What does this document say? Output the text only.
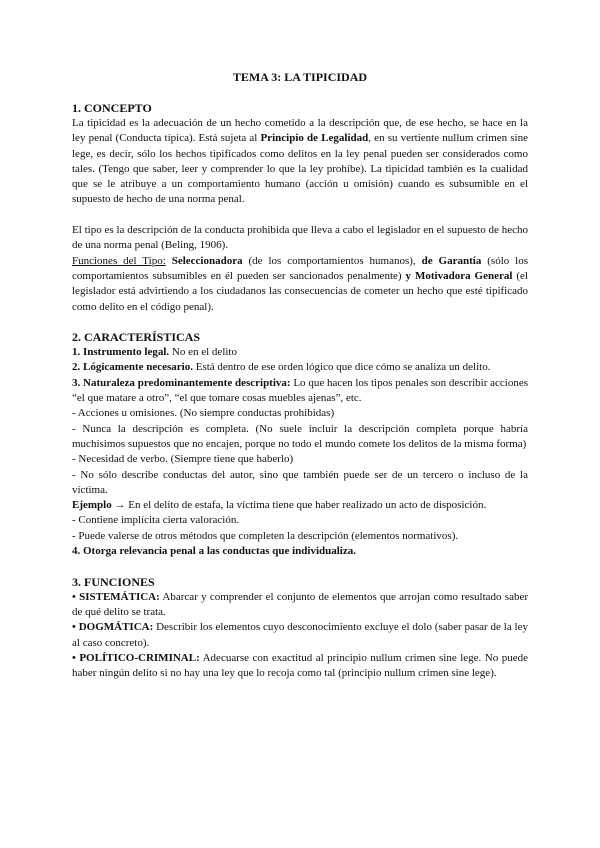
TEMA 3: LA TIPICIDAD
1. CONCEPTO

La tipicidad es la adecuación de un hecho cometido a la descripción que, de ese hecho, se hace en la ley penal (Conducta típica). Está sujeta al Principio de Legalidad, en su vertiente nullum crimen sine lege, es decir, sólo los hechos tipificados como delitos en la ley penal pueden ser considerados como tales. (Tengo que saber, leer y comprender lo que la ley prohíbe). La tipicidad también es la cualidad que se le atribuye a un comportamiento humano (acción u omisión) cuando es subsumible en el supuesto de hecho de una norma penal.

El tipo es la descripción de la conducta prohibida que lleva a cabo el legislador en el supuesto de hecho de una norma penal (Beling, 1906).

Funciones del Tipo: Seleccionadora (de los comportamientos humanos), de Garantía (sólo los comportamientos subsumibles en él pueden ser sancionados penalmente) y Motivadora General (el legislador está advirtiendo a los ciudadanos las consecuencias de cometer un hecho que esté tipificado como delito en el código penal).

2. CARACTERÍSTICAS

1. Instrumento legal. No en el delito

2. Lógicamente necesario. Está dentro de ese orden lógico que dice cómo se analiza un delito.

3. Naturaleza predominantemente descriptiva: Lo que hacen los tipos penales son describir acciones “el que matare a otro”, “el que tomare cosas muebles ajenas”, etc.

- Acciones u omisiones. (No siempre conductas prohibidas)

- Nunca la descripción es completa. (No suele incluir la descripción completa porque habría muchísimos supuestos que no encajen, porque no todo el mundo comete los delitos de la misma forma)

- Necesidad de verbo. (Siempre tiene que haberlo)

- No sólo describe conductas del autor, sino que también puede ser de un tercero o incluso de la víctima.

Ejemplo → En el delito de estafa, la víctima tiene que haber realizado un acto de disposición.

- Contiene implícita cierta valoración.

- Puede valerse de otros métodos que completen la descripción (elementos normativos).

4. Otorga relevancia penal a las conductas que individualiza.

3. FUNCIONES

• SISTEMÁTICA: Abarcar y comprender el conjunto de elementos que arrojan como resultado saber de qué delito se trata.

• DOGMÁTICA: Describir los elementos cuyo desconocimiento excluye el dolo (saber pasar de la ley al caso concreto).

• POLÍTICO-CRIMINAL: Adecuarse con exactitud al principio nullum crimen sine lege. No puede haber ningún delito si no hay una ley que lo recoja como tal (principio nullum crimen sine lege).
